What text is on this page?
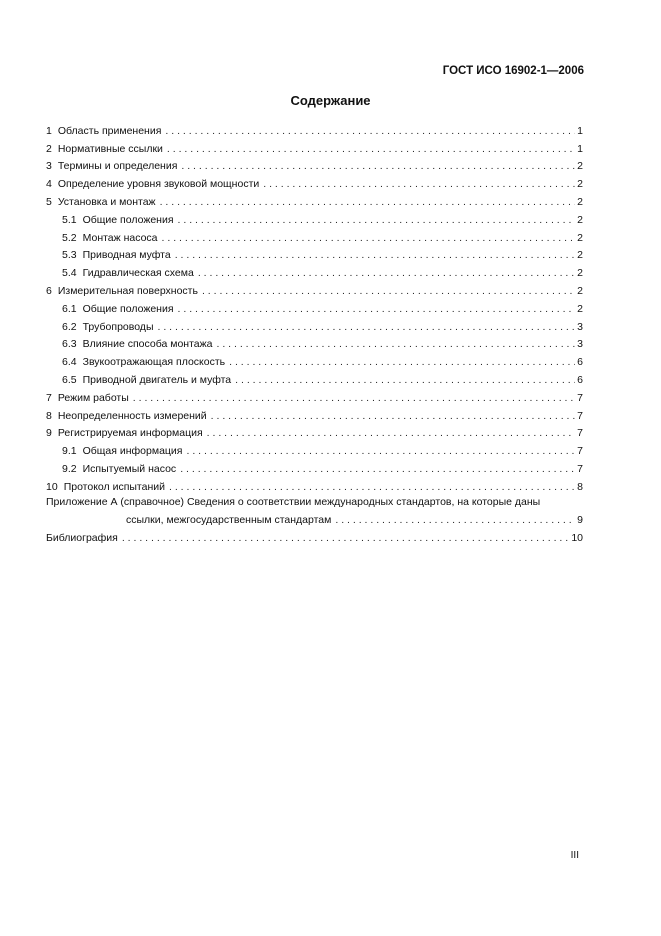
ГОСТ ИСО 16902-1—2006
Содержание
1 Область применения . . .	1
2 Нормативные ссылки . . .	1
3 Термины и определения . . .	2
4 Определение уровня звуковой мощности . . .	2
5 Установка и монтаж . . .	2
5.1 Общие положения . . .	2
5.2 Монтаж насоса . . .	2
5.3 Приводная муфта . . .	2
5.4 Гидравлическая схема . . .	2
6 Измерительная поверхность . . .	2
6.1 Общие положения . . .	2
6.2 Трубопроводы . . .	3
6.3 Влияние способа монтажа . . .	3
6.4 Звукоотражающая плоскость . . .	6
6.5 Приводной двигатель и муфта . . .	6
7 Режим работы . . .	7
8 Неопределенность измерений . . .	7
9 Регистрируемая информация . . .	7
9.1 Общая информация . . .	7
9.2 Испытуемый насос . . .	7
10 Протокол испытаний . . .	8
Приложение А (справочное) Сведения о соответствии международных стандартов, на которые даны
ссылки, межгосударственным стандартам . . .	9
Библиография . . .	10
III
